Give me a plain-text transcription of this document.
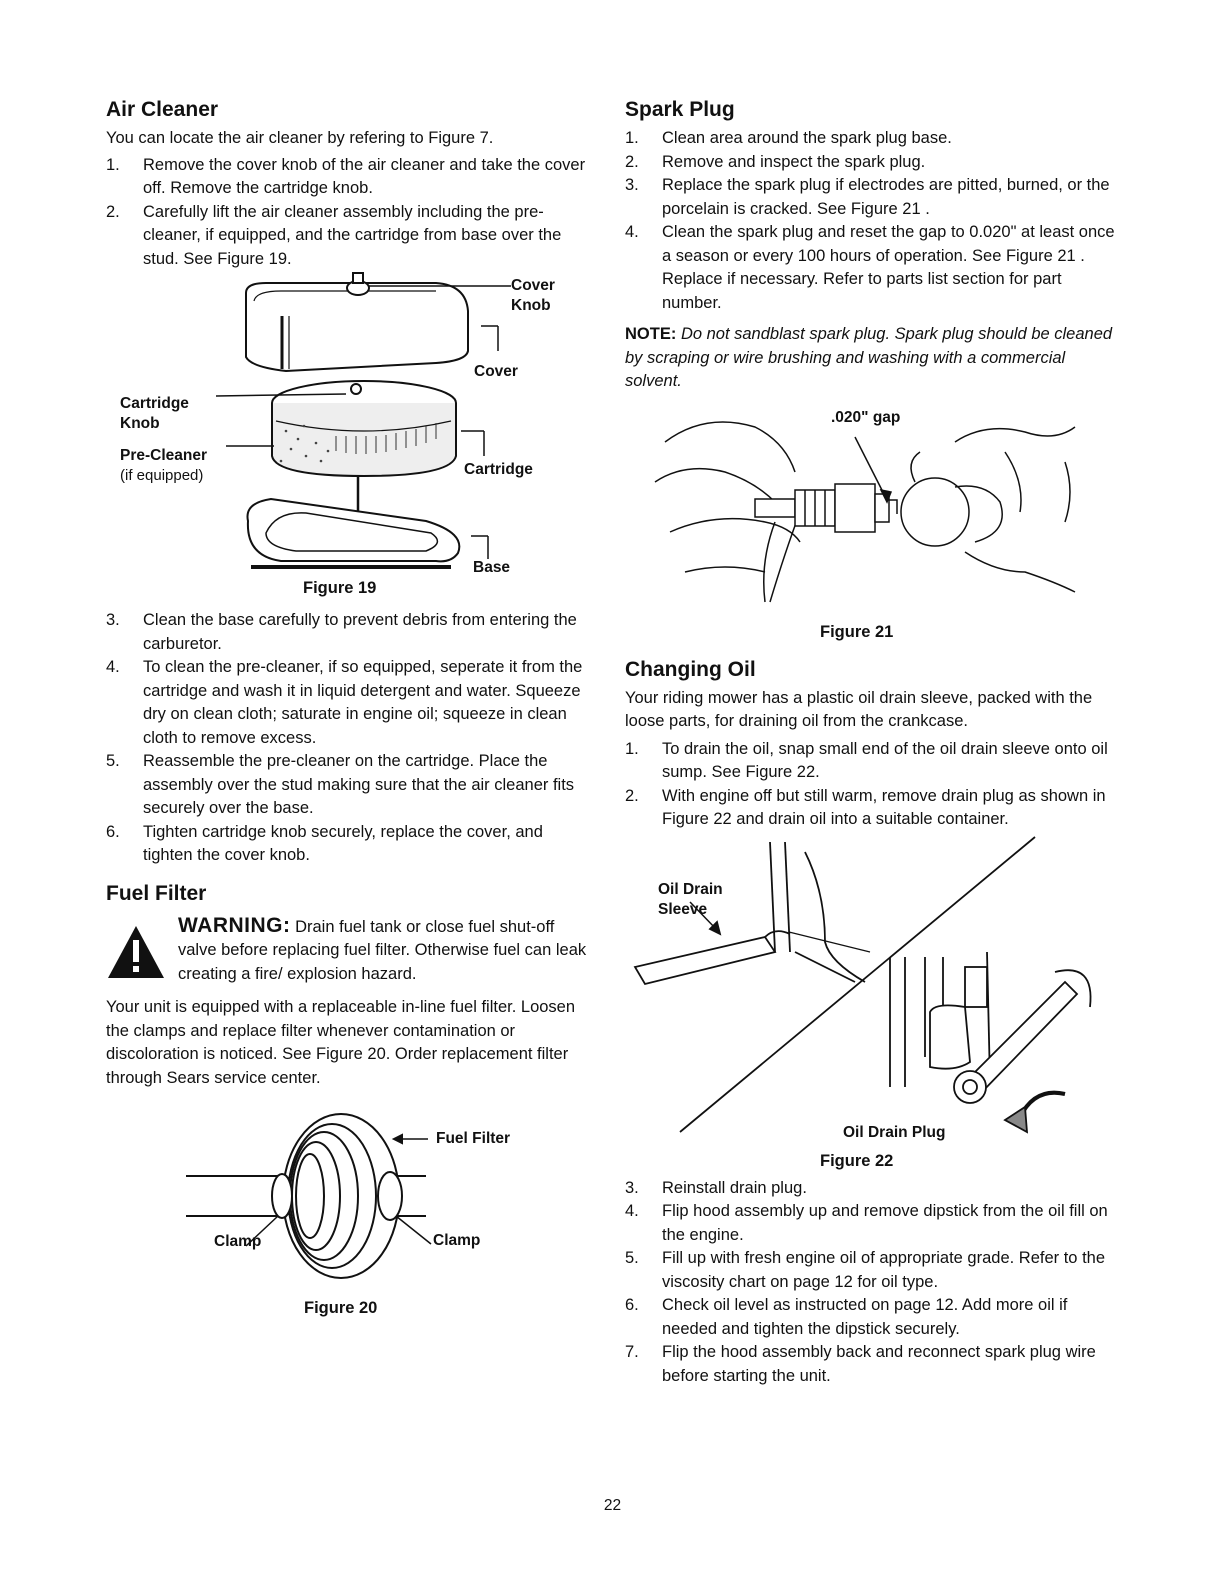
Air Cleaner

You can locate the air cleaner by refering to Figure 7.

1. Remove the cover knob of the air cleaner and take the cover off. Remove the cartridge knob.
2. Carefully lift the air cleaner assembly including the pre-cleaner, if equipped, and the cartridge from base over the stud. See Figure 19.
Cover
Knob
Cover
Cartridge
Knob
Pre-Cleaner
(if equipped)	Cartridge
Base
Figure 19
3. Clean the base carefully to prevent debris from entering the carburetor.
4. To clean the pre-cleaner, if so equipped, seperate it from the cartridge and wash it in liquid detergent and water. Squeeze dry on clean cloth; saturate in engine oil; squeeze in clean cloth to remove excess.
5. Reassemble the pre-cleaner on the cartridge. Place the assembly over the stud making sure that the air cleaner fits securely over the base.
6. Tighten cartridge knob securely, replace the cover, and tighten the cover knob.
Fuel Filter

WARNING: Drain fuel tank or close fuel shut-off valve before replacing fuel filter. Otherwise fuel can leak creating a fire/ explosion hazard.

Your unit is equipped with a replaceable in-line fuel filter. Loosen the clamps and replace filter whenever contamination or discoloration is noticed. See Figure 20. Order replacement filter through Sears service center.

Fuel Filter
Clamp	Clamp
Figure 20
Spark Plug
1. Clean area around the spark plug base.
2. Remove and inspect the spark plug.
3. Replace the spark plug if electrodes are pitted, burned, or the porcelain is cracked. See Figure 21 .
4. Clean the spark plug and reset the gap to 0.020" at least once a season or every 100 hours of operation. See Figure 21 . Replace if necessary. Refer to parts list section for part number.

NOTE: Do not sandblast spark plug. Spark plug should be cleaned by scraping or wire brushing and washing with a commercial solvent.

.020" gap
Figure 21
Changing Oil

Your riding mower has a plastic oil drain sleeve, packed with the loose parts, for draining oil from the crankcase.

1. To drain the oil, snap small end of the oil drain sleeve onto oil sump. See Figure 22.
2. With engine off but still warm, remove drain plug as shown in Figure 22 and drain oil into a suitable container.
Oil Drain
Sleeve
Oil Drain Plug
Figure 22
3. Reinstall drain plug.
4. Flip hood assembly up and remove dipstick from the oil fill on the engine.
5. Fill up with fresh engine oil of appropriate grade. Refer to the viscosity chart on page 12 for oil type.
6. Check oil level as instructed on page 12. Add more oil if needed and tighten the dipstick securely.
7. Flip the hood assembly back and reconnect spark plug wire before starting the unit.
22
